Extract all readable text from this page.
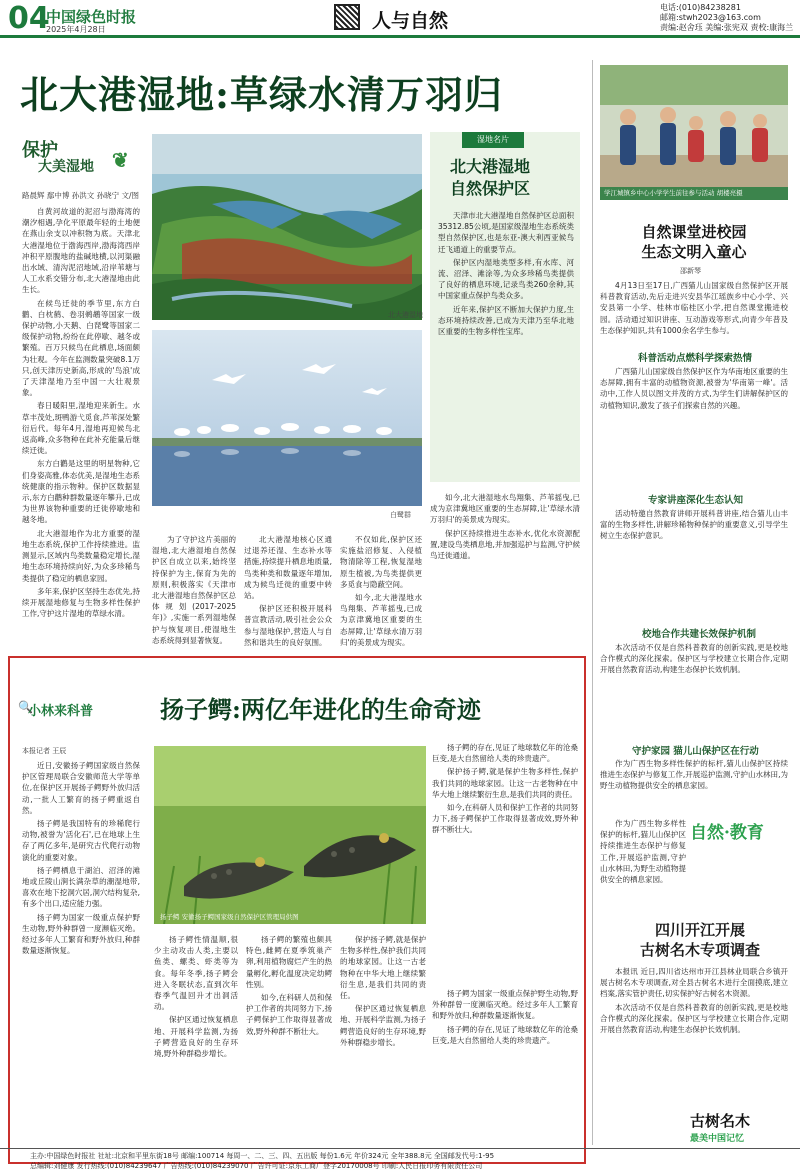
04
中国绿色时报
2025年4月28日	人与自然
电话:(010)84238281
邮箱:stwh2023@163.com
责编:赵舍珏 美编:张宪双 责校:康海兰
北大港湿地:草绿水清万羽归
保护
大美湿地 ❦
路晨辉 鄢中博 孙洪文 孙晓宁 文/图

自黄河故道的泥沼与渤海湾的潮汐相遇,孕化平原最年轻的土地便在燕山余支以冲积物为底。天津北大港湿地位于渤海西岸,渤海湾西岸冲积平原腹地的盐碱地横,以河渠融出水域、清沟泥沼地域,沿岸苇塘与人工水系交错分布,北大港湿地由此生长。

在候鸟迁徙的季节里,东方白鹳、白枕鹤、卷羽鹈鹕等国家一级保护动物,小天鹅、白琵鹭等国家二级保护动物,纷纷在此停歇、越冬或繁殖。百万只候鸟在此栖息,场面颇为壮观。今年在监测数量突破8.1万只,创天津历史新高,形成的'鸟浪'成了天津湿地乃至中国一大壮观景象。

春日暖阳里,湿地迎来新生。水草丰茂处,斑鸭游弋觅食,芦苇深处繁衍后代。每年4月,湿地再迎候鸟北返高峰,众多物种在此补充能量后继续迁徙。

东方白鹳是这里的明星物种,它们身姿高雅,体态优美,是湿地生态系统健康的指示物种。保护区数据显示,东方白鹳种群数量逐年攀升,已成为世界该物种重要的迁徙停歇地和越冬地。

北大港湿地作为北方重要的湿地生态系统,保护工作持续推进。监测显示,区域内鸟类数量稳定增长,湿地生态环境持续向好,为众多珍稀鸟类提供了稳定的栖息家园。

多年来,保护区坚持生态优先,持续开展湿地修复与生物多样性保护工作,守护这片湿地的草绿水清。

北大港湿地
白鹭群
湿地名片
北大港湿地
自然保护区

天津市北大港湿地自然保护区总面积35312.85公顷,是国家级湿地生态系统类型自然保护区,也是东亚-澳大利西亚候鸟迁飞通道上的重要节点。

保护区内湿地类型多样,有水库、河流、沼泽、滩涂等,为众多珍稀鸟类提供了良好的栖息环境,记录鸟类260余种,其中国家重点保护鸟类众多。

近年来,保护区不断加大保护力度,生态环境持续改善,已成为天津乃至华北地区重要的生物多样性宝库。

为了守护这片美丽的湿地,北大港湿地自然保护区自成立以来,始终坚持保护为主,保育为先的原则,积极落实《天津市北大港湿地自然保护区总体规划(2017-2025年)》,实施一系列湿地保护与恢复项目,使湿地生态系统得到显著恢复。

北大港湿地核心区通过退养还湿、生态补水等措施,持续提升栖息地质量,鸟类种类和数量逐年增加,成为候鸟迁徙的重要中转站。

保护区还积极开展科普宣教活动,吸引社会公众参与湿地保护,营造人与自然和谐共生的良好氛围。

不仅如此,保护区还实施盐沼修复、入侵植物清除等工程,恢复湿地原生植被,为鸟类提供更多觅食与隐蔽空间。

如今,北大港湿地水鸟翔集、芦苇摇曳,已成为京津冀地区重要的生态屏障,让'草绿水清万羽归'的美景成为现实。

如今,北大港湿地水鸟翔集、芦苇摇曳,已成为京津冀地区重要的生态屏障,让'草绿水清万羽归'的美景成为现实。

保护区持续推进生态补水,优化水资源配置,建设鸟类栖息地,并加强巡护与监测,守护候鸟迁徙通道。

学江城镇乡中心小学学生前往参与活动 胡楼亮摄
自然课堂进校园
生态文明入童心
邵新琴

4月13日至17日,广西猫儿山国家级自然保护区开展科普教育活动,先后走进兴安县华江瑶族乡中心小学、兴安县第一小学、桂林市临桂区小学,把自然课堂搬进校园。活动通过知识讲座、互动游戏等形式,向青少年普及生态保护知识,共有1000余名学生参与。

科普活动点燃科学探索热情

广西猫儿山国家级自然保护区作为华南地区重要的生态屏障,拥有丰富的动植物资源,被誉为'华南第一峰'。活动中,工作人员以图文并茂的方式,为学生们讲解保护区的动植物知识,激发了孩子们探索自然的兴趣。

专家讲座深化生态认知

活动特邀自然教育讲师开展科普讲座,结合猫儿山丰富的生物多样性,讲解珍稀物种保护的重要意义,引导学生树立生态保护意识。

校地合作共建长效保护机制

本次活动不仅是自然科普教育的创新实践,更是校地合作模式的深化探索。保护区与学校建立长期合作,定期开展自然教育活动,构建生态保护长效机制。

守护家园 猫儿山保护区在行动

作为广西生物多样性保护的标杆,猫儿山保护区持续推进生态保护与修复工作,开展巡护监测,守护山水林田,为野生动植物提供安全的栖息家园。

作为广西生物多样性保护的标杆,猫儿山保护区持续推进生态保护与修复工作,开展巡护监测,守护山水林田,为野生动植物提供安全的栖息家园。

自然·教育
四川开江开展
古树名木专项调查

本报讯 近日,四川省达州市开江县林业局联合乡镇开展古树名木专项调查,对全县古树名木进行全面摸底,建立档案,落实管护责任,切实保护好古树名木资源。

本次活动不仅是自然科普教育的创新实践,更是校地合作模式的深化探索。保护区与学校建立长期合作,定期开展自然教育活动,构建生态保护长效机制。

古树名木
最美中国记忆
🔍
小林来科普	扬子鳄:两亿年进化的生命奇迹
本报记者 王辰

近日,安徽扬子鳄国家级自然保护区管理局联合安徽师范大学等单位,在保护区开展扬子鳄野外放归活动,一批人工繁育的扬子鳄重返自然。

扬子鳄是我国特有的珍稀爬行动物,被誉为'活化石',已在地球上生存了两亿多年,是研究古代爬行动物演化的重要对象。

扬子鳄栖息于湖泊、沼泽的滩地或丘陵山涧长满杂草的潮湿地带,喜欢在地下挖洞穴居,洞穴结构复杂,有多个出口,适应能力强。

扬子鳄为国家一级重点保护野生动物,野外种群曾一度濒临灭绝。经过多年人工繁育和野外放归,种群数量逐渐恢复。

扬子鳄 安徽扬子鳄国家级自然保护区管理局供图

扬子鳄的存在,见证了地球数亿年的沧桑巨变,是大自然留给人类的珍贵遗产。

保护扬子鳄,就是保护生物多样性,保护我们共同的地球家园。让这一古老物种在中华大地上继续繁衍生息,是我们共同的责任。

如今,在科研人员和保护工作者的共同努力下,扬子鳄保护工作取得显著成效,野外种群不断壮大。

扬子鳄性情温顺,很少主动攻击人类,主要以鱼类、螺类、虾类等为食。每年冬季,扬子鳄会进入冬眠状态,直到次年春季气温回升才出洞活动。

保护区通过恢复栖息地、开展科学监测,为扬子鳄营造良好的生存环境,野外种群稳步增长。

扬子鳄的繁殖也颇具特色,雌鳄在夏季筑巢产卵,利用植物腐烂产生的热量孵化,孵化温度决定幼鳄性别。

如今,在科研人员和保护工作者的共同努力下,扬子鳄保护工作取得显著成效,野外种群不断壮大。

保护扬子鳄,就是保护生物多样性,保护我们共同的地球家园。让这一古老物种在中华大地上继续繁衍生息,是我们共同的责任。

保护区通过恢复栖息地、开展科学监测,为扬子鳄营造良好的生存环境,野外种群稳步增长。

扬子鳄为国家一级重点保护野生动物,野外种群曾一度濒临灭绝。经过多年人工繁育和野外放归,种群数量逐渐恢复。

扬子鳄的存在,见证了地球数亿年的沧桑巨变,是大自然留给人类的珍贵遗产。

主办:中国绿色时报社 社址:北京和平里东街18号 邮编:100714 每周一、二、三、四、五出版 每份1.6元 年价324元 全年388.8元 全国邮发代号:1-95
总编辑:刘健康 发行热线:(010)84239647 广告热线:(010)84239070 广告许可证:京东工商广登字20170008号 印刷:人民日报印务有限责任公司
